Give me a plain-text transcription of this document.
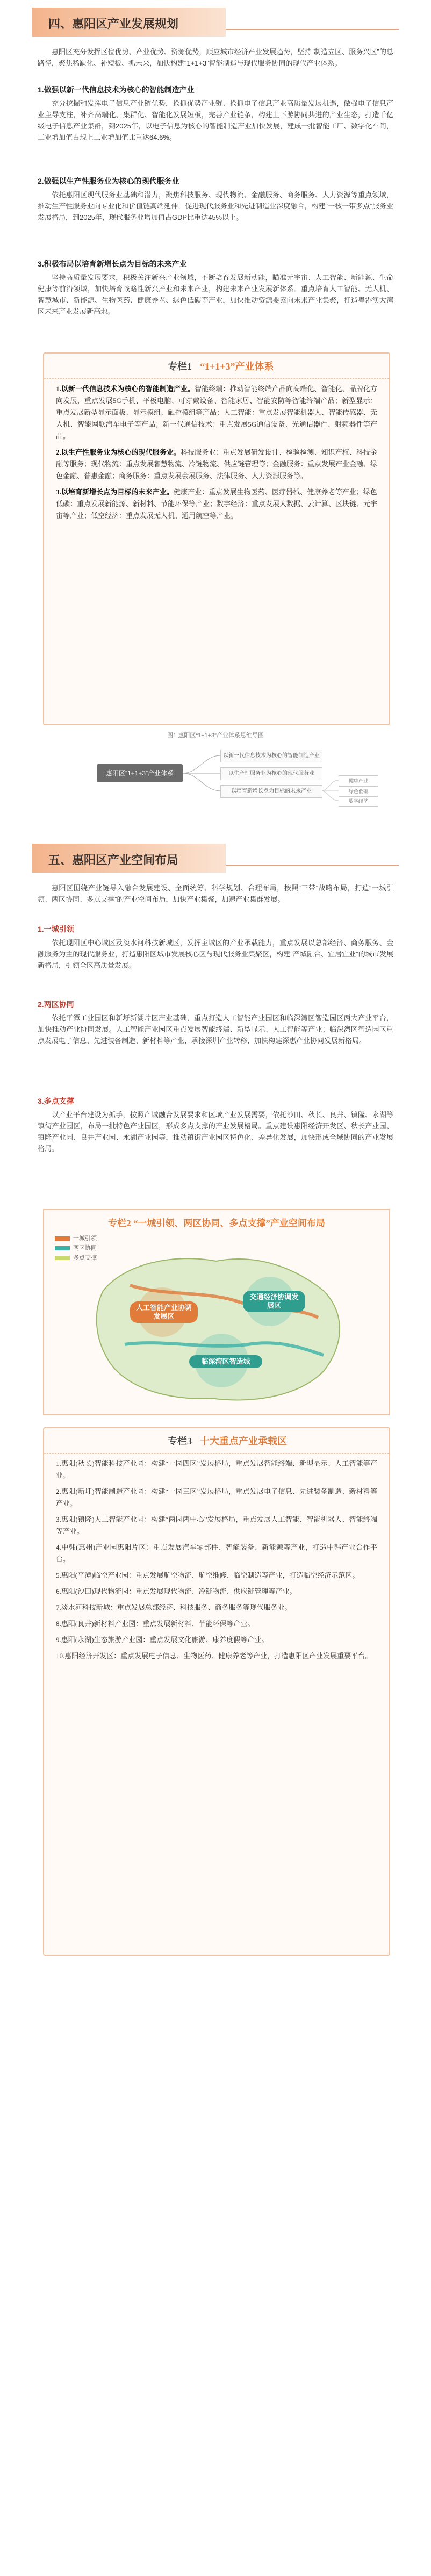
四、惠阳区产业发展规划
惠阳区充分发挥区位优势、产业优势、资源优势，顺应城市经济产业发展趋势，坚持“制造立区、服务兴区”的总路径，聚焦稀缺化、补短板、抓未来，加快构建“1+1+3”智能制造与现代服务协同的现代产业体系。
1.做强以新一代信息技术为核心的智能制造产业
充分挖掘和发挥电子信息产业链优势，抢抓优势产业链、抢抓电子信息产业高质量发展机遇，做强电子信息产业主导支柱，补齐高端化、集群化、智能化发展短板，完善产业链条，构建上下游协同共进的产业生态，打造千亿级电子信息产业集群，到2025年，以电子信息为核心的智能制造产业加快发展，建成一批智能工厂、数字化车间，工业增加值占规上工业增加值比重达64.6%。
2.做强以生产性服务业为核心的现代服务业
依托惠阳区现代服务业基础和潜力，聚焦科技服务、现代物流、金融服务、商务服务、人力资源等重点领域，推动生产性服务业向专业化和价值链高端延伸，促进现代服务业和先进制造业深度融合，构建“一核一带多点”服务业发展格局，到2025年，现代服务业增加值占GDP比重达45%以上。
3.积极布局以培育新增长点为目标的未来产业
坚持高质量发展要求，积极关注新兴产业领域，不断培育发展新动能，瞄准元宇宙、人工智能、新能源、生命健康等前沿领域，加快培育战略性新兴产业和未来产业，构建未来产业发展新体系。重点培育人工智能、无人机、智慧城市、新能源、生物医药、健康养老、绿色低碳等产业，加快推动资源要素向未来产业集聚，打造粤港澳大湾区未来产业发展新高地。
专栏1 “1+1+3”产业体系
1.以新一代信息技术为核心的智能制造产业。智能终端：推动智能终端产品向高端化、智能化、品牌化方向发展，重点发展5G手机、平板电脑、可穿戴设备、智能家居、智能安防等智能终端产品；新型显示：重点发展新型显示面板、显示模组、触控模组等产品；人工智能：重点发展智能机器人、智能传感器、无人机、智能网联汽车电子等产品；新一代通信技术：重点发展5G通信设备、光通信器件、射频器件等产品。
2.以生产性服务业为核心的现代服务业。科技服务业：重点发展研发设计、检验检测、知识产权、科技金融等服务；现代物流：重点发展智慧物流、冷链物流、供应链管理等；金融服务：重点发展产业金融、绿色金融、普惠金融；商务服务：重点发展会展服务、法律服务、人力资源服务等。
3.以培育新增长点为目标的未来产业。健康产业：重点发展生物医药、医疗器械、健康养老等产业；绿色低碳：重点发展新能源、新材料、节能环保等产业；数字经济：重点发展大数据、云计算、区块链、元宇宙等产业；低空经济：重点发展无人机、通用航空等产业。
图1 惠阳区“1+1+3”产业体系思维导图
惠阳区“1+1+3”产业体系
以新一代信息技术为核心的智能制造产业
以生产性服务业为核心的现代服务业
以培育新增长点为目标的未来产业
健康产业
绿色低碳
数字经济
五、惠阳区产业空间布局
惠阳区围绕产业链导入融合发展建设、全面统筹、科学规划、合理布局，按照“三带”战略布局，打造“一城引领、两区协同、多点支撑”的产业空间布局，加快产业集聚，加速产业集群发展。
1.一城引领
依托现阳区中心城区及淡水河科技新城区，发挥主城区的产业承载能力，重点发展以总部经济、商务服务、金融服务为主的现代服务业，打造惠阳区城市发展核心区与现代服务业集聚区，构建“产城融合、宜居宜业”的城市发展新格局，引领全区高质量发展。
2.两区协同
依托平潭工业园区和新圩新湖片区产业基础，重点打造人工智能产业园区和临深湾区智造园区两大产业平台，加快推动产业协同发展。人工智能产业园区重点发展智能终端、新型显示、人工智能等产业；临深湾区智造园区重点发展电子信息、先进装备制造、新材料等产业，承接深圳产业转移，加快构建深惠产业协同发展新格局。
3.多点支撑
以产业平台建设为抓手，按照产城融合发展要求和区域产业发展需要，依托沙田、秋长、良井、镇隆、永湖等镇街产业园区，布局一批特色产业园区，形成多点支撑的产业发展格局。重点建设惠阳经济开发区、秋长产业园、镇隆产业园、良井产业园、永湖产业园等，推动镇街产业园区特色化、差异化发展，加快形成全域协同的产业发展格局。
专栏2 “一城引领、两区协同、多点支撑”产业空间布局
一城引领
两区协同
多点支撑
人工智能产业协调发展区
交通经济协调发展区
临深湾区智造城
专栏3 十大重点产业承载区
1.惠阳(秋长)智能科技产业园：构建“一园四区”发展格局，重点发展智能终端、新型显示、人工智能等产业。
2.惠阳(新圩)智能制造产业园：构建“一园三区”发展格局，重点发展电子信息、先进装备制造、新材料等产业。
3.惠阳(镇隆)人工智能产业园：构建“两园两中心”发展格局，重点发展人工智能、智能机器人、智能终端等产业。
4.中韩(惠州)产业园惠阳片区：重点发展汽车零部件、智能装备、新能源等产业，打造中韩产业合作平台。
5.惠阳(平潭)临空产业园：重点发展航空物流、航空维修、临空制造等产业，打造临空经济示范区。
6.惠阳(沙田)现代物流园：重点发展现代物流、冷链物流、供应链管理等产业。
7.淡水河科技新城：重点发展总部经济、科技服务、商务服务等现代服务业。
8.惠阳(良井)新材料产业园：重点发展新材料、节能环保等产业。
9.惠阳(永湖)生态旅游产业园：重点发展文化旅游、康养度假等产业。
10.惠阳经济开发区：重点发展电子信息、生物医药、健康养老等产业，打造惠阳区产业发展重要平台。
